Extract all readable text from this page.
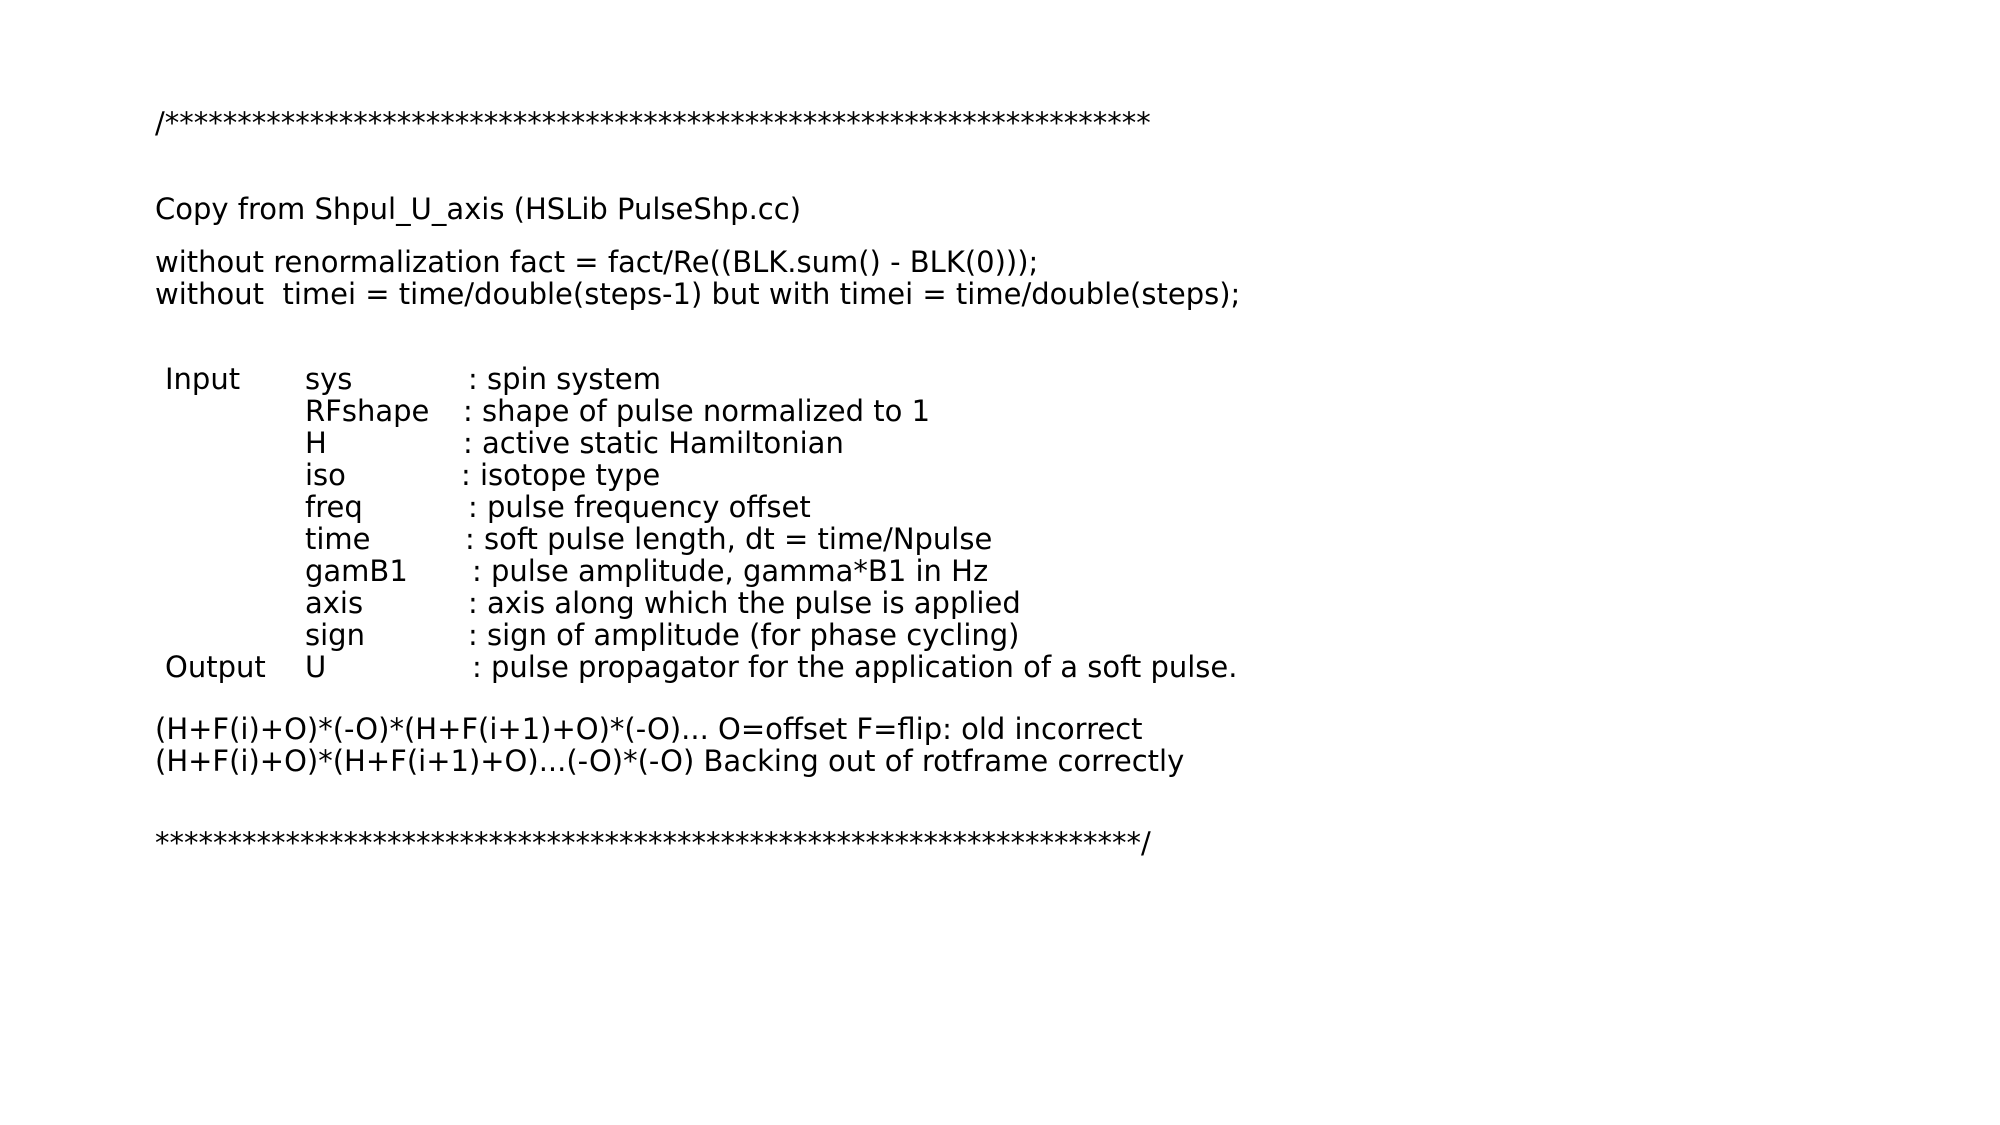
/********************************************************************
Copy from Shpul_U_axis (HSLib PulseShp.cc)
without renormalization fact = fact/Re((BLK.sum() - BLK(0)));
without  timei = time/double(steps-1) but with timei = time/double(steps);
Input sys	: spin system
RFshape : shape of pulse normalized to 1
H	: active static Hamiltonian
iso	: isotope type
freq	: pulse frequency offset
time	: soft pulse length, dt = time/Npulse
gamB1 : pulse amplitude, gamma*B1 in Hz
axis	: axis along which the pulse is applied
sign	: sign of amplitude (for phase cycling)
Output U	: pulse propagator for the application of a soft pulse.
(H+F(i)+O)*(-O)*(H+F(i+1)+O)*(-O)... O=offset F=flip: old incorrect
(H+F(i)+O)*(H+F(i+1)+O)...(-O)*(-O) Backing out of rotframe correctly
********************************************************************/
